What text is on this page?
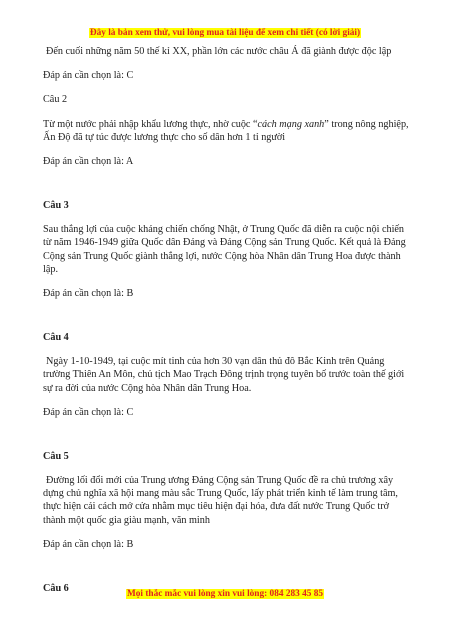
Đây là bản xem thử, vui lòng mua tài liệu để xem chi tiết (có lời giải)

Đến cuối những năm 50 thế kỉ XX, phần lớn các nước châu Á đã giành được độc lập

Đáp án cần chọn là: C

Câu 2

Từ một nước phải nhập khẩu lương thực, nhờ cuộc “cách mạng xanh” trong nông nghiệp, Ấn Độ đã tự túc được lương thực cho số dân hơn 1 tỉ người

Đáp án cần chọn là: A

Câu 3

Sau thắng lợi của cuộc kháng chiến chống Nhật, ở Trung Quốc đã diễn ra cuộc nội chiến từ năm 1946-1949 giữa Quốc dân Đảng và Đảng Cộng sản Trung Quốc. Kết quả là Đảng Cộng sản Trung Quốc giành thắng lợi, nước Cộng hòa Nhân dân Trung Hoa được thành lập.

Đáp án cần chọn là: B

Câu 4

Ngày 1-10-1949, tại cuộc mít tinh của hơn 30 vạn dân thủ đô Bắc Kinh trên Quảng trường Thiên An Môn, chủ tịch Mao Trạch Đông trịnh trọng tuyên bố trước toàn thế giới sự ra đời của nước Cộng hòa Nhân dân Trung Hoa.

Đáp án cần chọn là: C

Câu 5

Đường lối đổi mới của Trung ương Đảng Cộng sản Trung Quốc đề ra chủ trương xây dựng chủ nghĩa xã hội mang màu sắc Trung Quốc, lấy phát triển kinh tế làm trung tâm, thực hiện cải cách mở cửa nhằm mục tiêu hiện đại hóa, đưa đất nước Trung Quốc trở thành một quốc gia giàu mạnh, văn minh

Đáp án cần chọn là: B

Câu 6	Mọi thắc mắc vui lòng xin vui lòng: 084 283 45 85
